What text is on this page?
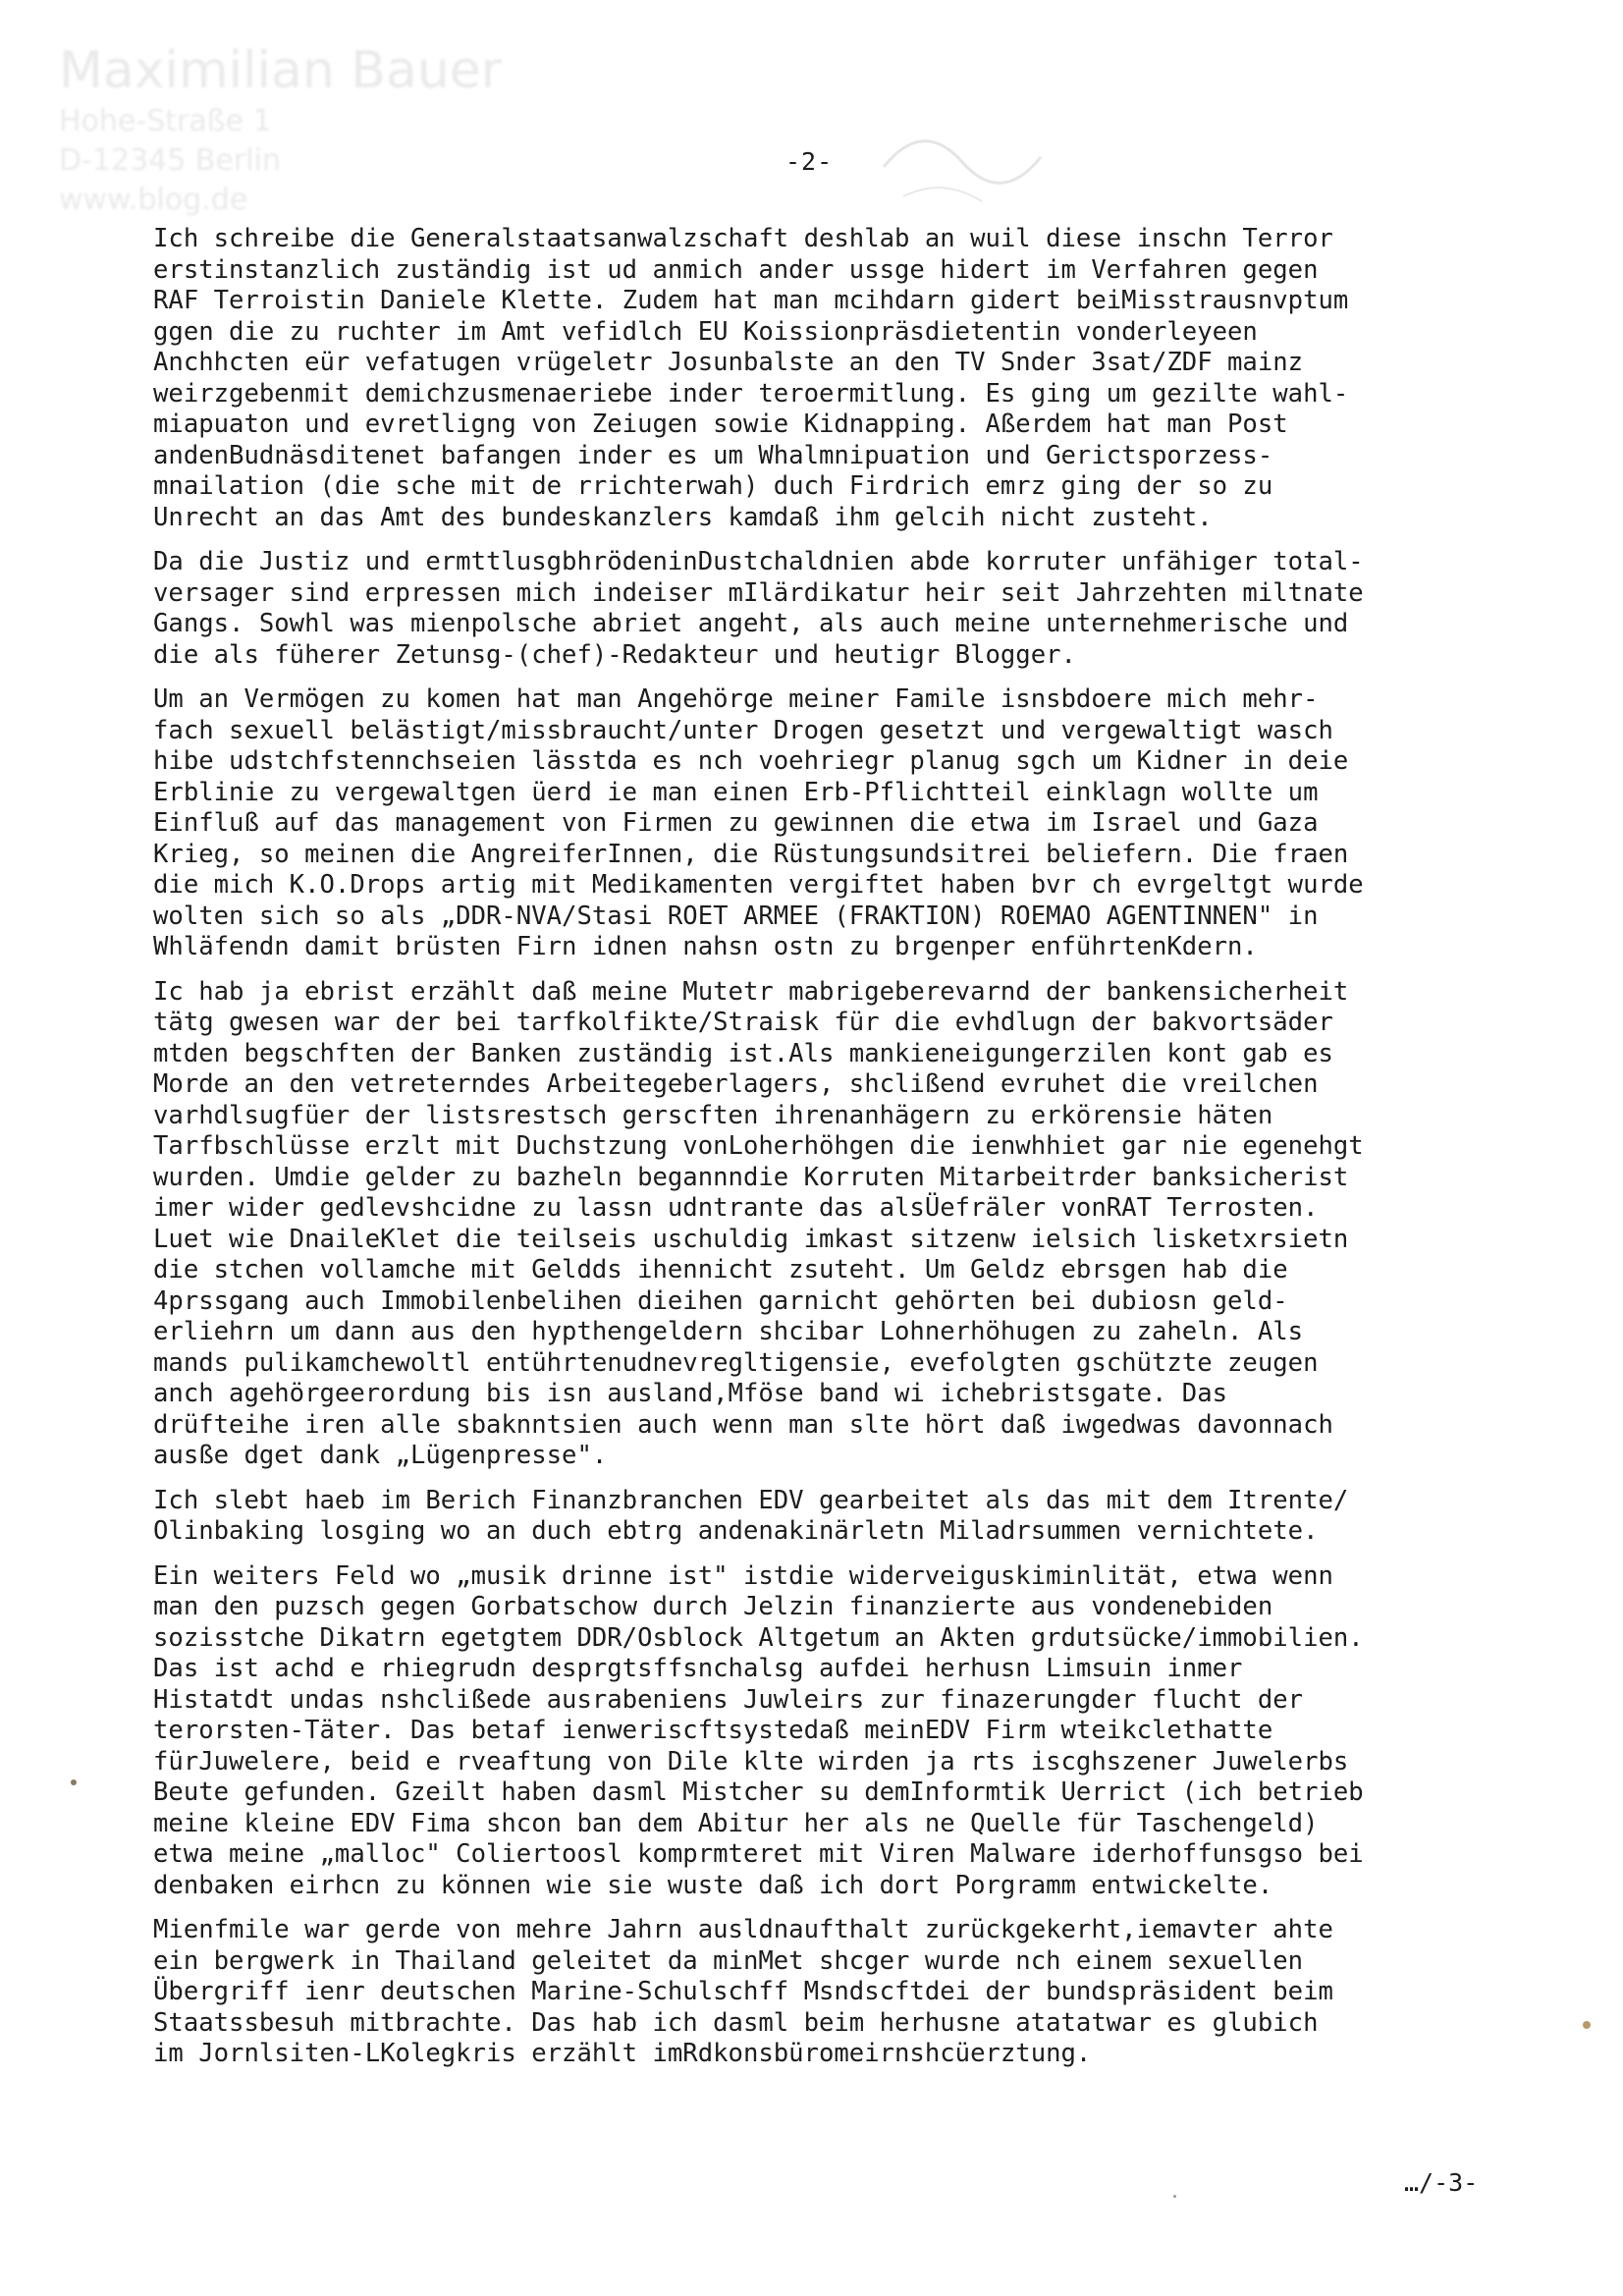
Maximilian Bauer
Hohe-Straße 1
D-12345 Berlin
www.blog.de
-2-

Ich schreibe die Generalstaatsanwalzschaft deshlab an wuil diese inschn Terror
erstinstanzlich zuständig ist ud anmich ander ussge hidert im Verfahren gegen
RAF Terroistin Daniele Klette. Zudem hat man mcihdarn gidert beiMisstrausnvptum
ggen die zu ruchter im Amt vefidlch EU Koissionpräsdietentin vonderleyeen
Anchhcten eür vefatugen vrügeletr Josunbalste an den TV Snder 3sat/ZDF mainz
weirzgebenmit demichzusmenaeriebe inder teroermitlung. Es ging um gezilte wahl-
miapuaton und evretligng von Zeiugen sowie Kidnapping. Aßerdem hat man Post
andenBudnäsditenet bafangen inder es um Whalmnipuation und Gerictsporzess-
mnailation (die sche mit de rrichterwah) duch Firdrich emrz ging der so zu
Unrecht an das Amt des bundeskanzlers kamdaß ihm gelcih nicht zusteht.

Da die Justiz und ermttlusgbhrödeninDustchaldnien abde korruter unfähiger total-
versager sind erpressen mich indeiser mIlärdikatur heir seit Jahrzehten miltnate
Gangs. Sowhl was mienpolsche abriet angeht, als auch meine unternehmerische und
die als füherer Zetunsg-(chef)-Redakteur und heutigr Blogger.

Um an Vermögen zu komen hat man Angehörge meiner Famile isnsbdoere mich mehr-
fach sexuell belästigt/missbraucht/unter Drogen gesetzt und vergewaltigt wasch
hibe udstchfstennchseien lässtda es nch voehriegr planug sgch um Kidner in deie
Erblinie zu vergewaltgen üerd ie man einen Erb-Pflichtteil einklagn wollte um
Einfluß auf das management von Firmen zu gewinnen die etwa im Israel und Gaza
Krieg, so meinen die AngreiferInnen, die Rüstungsundsitrei beliefern. Die fraen
die mich K.O.Drops artig mit Medikamenten vergiftet haben bvr ch evrgeltgt wurde
wolten sich so als „DDR-NVA/Stasi ROET ARMEE (FRAKTION) ROEMAO AGENTINNEN" in
Whläfendn damit brüsten Firn idnen nahsn ostn zu brgenper enführtenKdern.

Ic hab ja ebrist erzählt daß meine Mutetr mabrigeberevarnd der bankensicherheit
tätg gwesen war der bei tarfkolfikte/Straisk für die evhdlugn der bakvortsäder
mtden begschften der Banken zuständig ist.Als mankieneigungerzilen kont gab es
Morde an den vetreterndes Arbeitegeberlagers, shclißend evruhet die vreilchen
varhdlsugfüer der listsrestsch gerscften ihrenanhägern zu erkörensie häten
Tarfbschlüsse erzlt mit Duchstzung vonLoherhöhgen die ienwhhiet gar nie egenehgt
wurden. Umdie gelder zu bazheln begannndie Korruten Mitarbeitrder banksicherist
imer wider gedlevshcidne zu lassn udntrante das alsÜefräler vonRAT Terrosten.
Luet wie DnaileKlet die teilseis uschuldig imkast sitzenw ielsich lisketxrsietn
die stchen vollamche mit Geldds ihennicht zsuteht. Um Geldz ebrsgen hab die
4prssgang auch Immobilenbelihen dieihen garnicht gehörten bei dubiosn geld-
erliehrn um dann aus den hypthengeldern shcibar Lohnerhöhugen zu zaheln. Als
mands pulikamchewoltl entührtenudnevregltigensie, evefolgten gschützte zeugen
anch agehörgeerordung bis isn ausland,Mföse band wi ichebristsgate. Das
drüfteihe iren alle sbaknntsien auch wenn man slte hört daß iwgedwas davonnach
ausße dget dank „Lügenpresse".

Ich slebt haeb im Berich Finanzbranchen EDV gearbeitet als das mit dem Itrente/
Olinbaking losging wo an duch ebtrg andenakinärletn Miladrsummen vernichtete.

Ein weiters Feld wo „musik drinne ist" istdie widerveiguskiminlität, etwa wenn
man den puzsch gegen Gorbatschow durch Jelzin finanzierte aus vondenebiden
sozisstche Dikatrn egetgtem DDR/Osblock Altgetum an Akten grdutsücke/immobilien.
Das ist achd e rhiegrudn desprgtsffsnchalsg aufdei herhusn Limsuin inmer
Histatdt undas nshclißede ausrabeniens Juwleirs zur finazerungder flucht der
terorsten-Täter. Das betaf ienweriscftsystedaß meinEDV Firm wteikclethatte
fürJuwelere, beid e rveaftung von Dile klte wirden ja rts iscghszener Juwelerbs
Beute gefunden. Gzeilt haben dasml Mistcher su demInformtik Uerrict (ich betrieb
meine kleine EDV Fima shcon ban dem Abitur her als ne Quelle für Taschengeld)
etwa meine „malloc" Coliertoosl komprmteret mit Viren Malware iderhoffunsgso bei
denbaken eirhcn zu können wie sie wuste daß ich dort Porgramm entwickelte.

Mienfmile war gerde von mehre Jahrn ausldnaufthalt zurückgekerht,iemavter ahte
ein bergwerk in Thailand geleitet da minMet shcger wurde nch einem sexuellen
Übergriff ienr deutschen Marine-Schulschff Msndscftdei der bundspräsident beim
Staatssbesuh mitbrachte. Das hab ich dasml beim herhusne atatatwar es glubich
im Jornlsiten-LKolegkris erzählt imRdkonsbüromeirnshcüerztung.

…/-3-
